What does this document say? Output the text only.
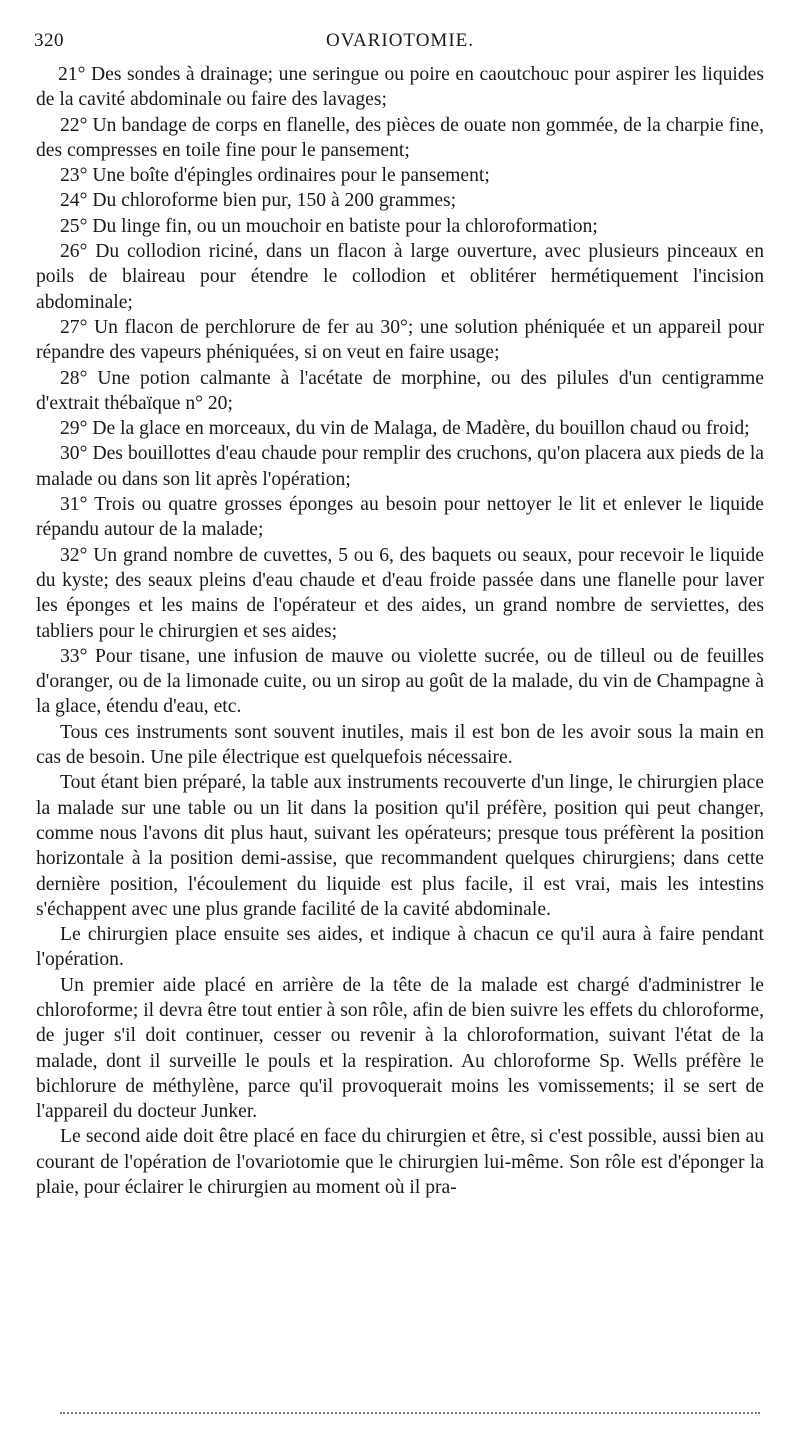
320	OVARIOTOMIE.

21° Des sondes à drainage; une seringue ou poire en caoutchouc pour aspirer les liquides de la cavité abdominale ou faire des lavages;

22° Un bandage de corps en flanelle, des pièces de ouate non gommée, de la charpie fine, des compresses en toile fine pour le pansement;

23° Une boîte d'épingles ordinaires pour le pansement;

24° Du chloroforme bien pur, 150 à 200 grammes;

25° Du linge fin, ou un mouchoir en batiste pour la chloroformation;

26° Du collodion riciné, dans un flacon à large ouverture, avec plusieurs pinceaux en poils de blaireau pour étendre le collodion et oblitérer hermétiquement l'incision abdominale;

27° Un flacon de perchlorure de fer au 30°; une solution phéniquée et un appareil pour répandre des vapeurs phéniquées, si on veut en faire usage;

28° Une potion calmante à l'acétate de morphine, ou des pilules d'un centigramme d'extrait thébaïque n° 20;

29° De la glace en morceaux, du vin de Malaga, de Madère, du bouillon chaud ou froid;

30° Des bouillottes d'eau chaude pour remplir des cruchons, qu'on placera aux pieds de la malade ou dans son lit après l'opération;

31° Trois ou quatre grosses éponges au besoin pour nettoyer le lit et enlever le liquide répandu autour de la malade;

32° Un grand nombre de cuvettes, 5 ou 6, des baquets ou seaux, pour recevoir le liquide du kyste; des seaux pleins d'eau chaude et d'eau froide passée dans une flanelle pour laver les éponges et les mains de l'opérateur et des aides, un grand nombre de serviettes, des tabliers pour le chirurgien et ses aides;

33° Pour tisane, une infusion de mauve ou violette sucrée, ou de tilleul ou de feuilles d'oranger, ou de la limonade cuite, ou un sirop au goût de la malade, du vin de Champagne à la glace, étendu d'eau, etc.

Tous ces instruments sont souvent inutiles, mais il est bon de les avoir sous la main en cas de besoin. Une pile électrique est quelquefois nécessaire.

Tout étant bien préparé, la table aux instruments recouverte d'un linge, le chirurgien place la malade sur une table ou un lit dans la position qu'il préfère, position qui peut changer, comme nous l'avons dit plus haut, suivant les opérateurs; presque tous préfèrent la position horizontale à la position demi-assise, que recommandent quelques chirurgiens; dans cette dernière position, l'écoulement du liquide est plus facile, il est vrai, mais les intestins s'échappent avec une plus grande facilité de la cavité abdominale.

Le chirurgien place ensuite ses aides, et indique à chacun ce qu'il aura à faire pendant l'opération.

Un premier aide placé en arrière de la tête de la malade est chargé d'administrer le chloroforme; il devra être tout entier à son rôle, afin de bien suivre les effets du chloroforme, de juger s'il doit continuer, cesser ou revenir à la chloroformation, suivant l'état de la malade, dont il surveille le pouls et la respiration. Au chloroforme Sp. Wells préfère le bichlorure de méthylène, parce qu'il provoquerait moins les vomissements; il se sert de l'appareil du docteur Junker.

Le second aide doit être placé en face du chirurgien et être, si c'est possible, aussi bien au courant de l'opération de l'ovariotomie que le chirurgien lui-même. Son rôle est d'éponger la plaie, pour éclairer le chirurgien au moment où il pra-
